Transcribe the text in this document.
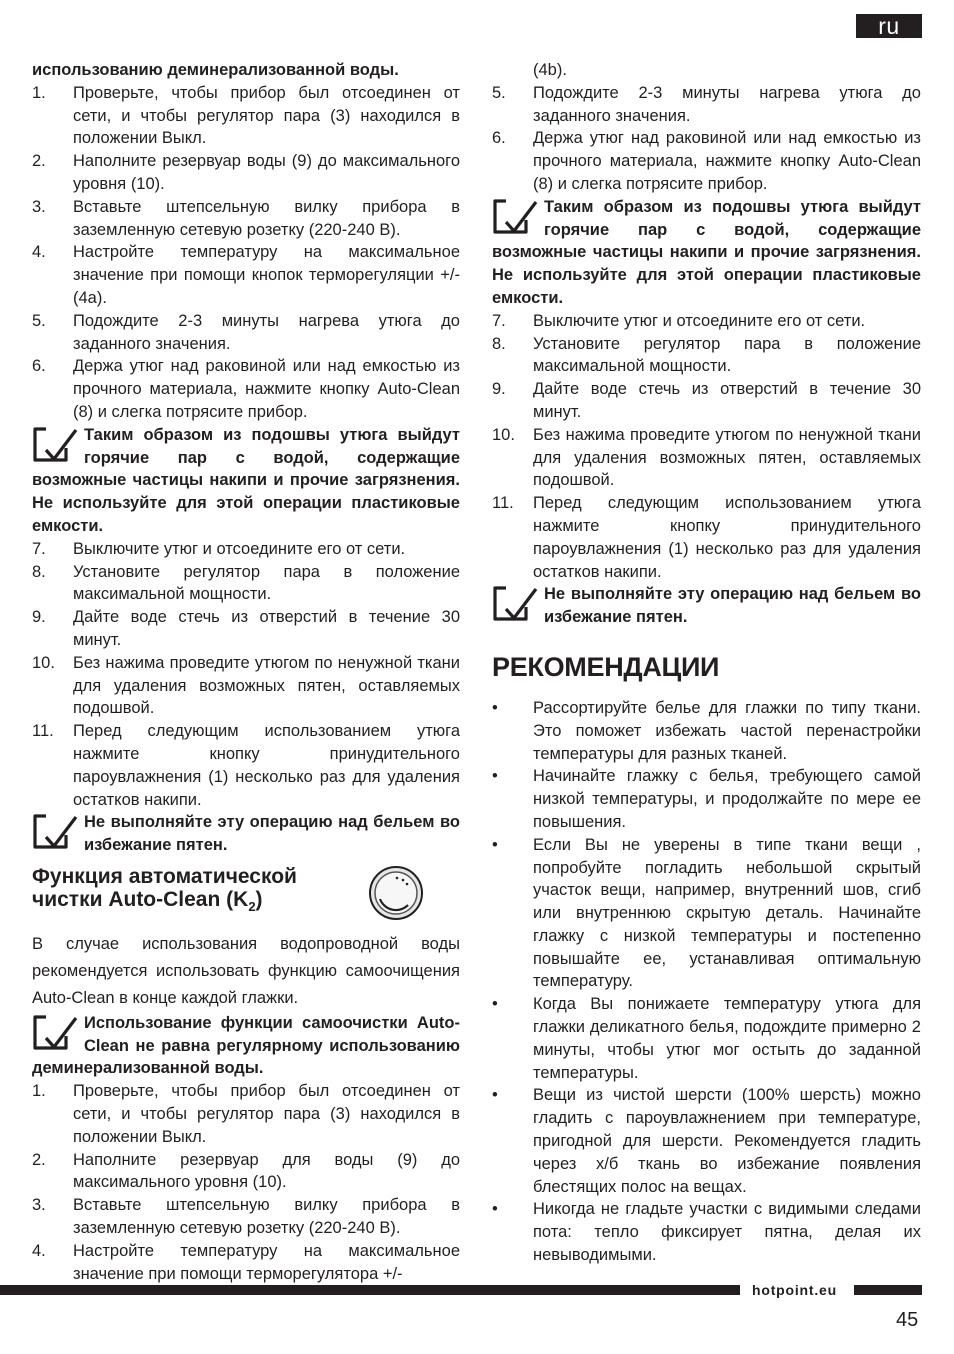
ru

использованию деминерализованной воды.

1. Проверьте, чтобы прибор был отсоединен от сети, и чтобы регулятор пара (3) находился в положении Выкл.
2. Наполните резервуар воды (9) до максимального уровня (10).
3. Вставьте штепсельную вилку прибора в заземленную сетевую розетку (220-240 В).
4. Настройте температуру на максимальное значение при помощи кнопок терморегуляции +/- (4a).
5. Подождите 2-3 минуты нагрева утюга до заданного значения.
6. Держа утюг над раковиной или над емкостью из прочного материала, нажмите кнопку Auto-Clean (8) и слегка потрясите прибор.
Таким образом из подошвы утюга выйдут горячие пар с водой, содержащие возможные частицы накипи и прочие загрязнения. Не используйте для этой операции пластиковые емкости.
7. Выключите утюг и отсоедините его от сети.
8. Установите регулятор пара в положение максимальной мощности.
9. Дайте воде стечь из отверстий в течение 30 минут.
10. Без нажима проведите утюгом по ненужной ткани для удаления возможных пятен, оставляемых подошвой.
11. Перед следующим использованием утюга нажмите кнопку принудительного пароувлажнения (1) несколько раз для удаления остатков накипи.
Не выполняйте эту операцию над бельем во избежание пятен.
Функция автоматической
чистки Auto-Clean $(K_2)$

В случае использования водопроводной воды рекомендуется использовать функцию самоочищения Auto-Clean в конце каждой глажки.

Использование функции самоочистки Auto-Clean не равна регулярному использованию деминерализованной воды.
1. Проверьте, чтобы прибор был отсоединен от сети, и чтобы регулятор пара (3) находился в положении Выкл.
2. Наполните резервуар для воды (9) до максимального уровня (10).
3. Вставьте штепсельную вилку прибора в заземленную сетевую розетку (220-240 В).
4. Настройте температуру на максимальное значение при помощи терморегулятора +/-

(4b).

5. Подождите 2-3 минуты нагрева утюга до заданного значения.
6. Держа утюг над раковиной или над емкостью из прочного материала, нажмите кнопку Auto-Clean (8) и слегка потрясите прибор.
Таким образом из подошвы утюга выйдут горячие пар с водой, содержащие возможные частицы накипи и прочие загрязнения. Не используйте для этой операции пластиковые емкости.
7. Выключите утюг и отсоедините его от сети.
8. Установите регулятор пара в положение максимальной мощности.
9. Дайте воде стечь из отверстий в течение 30 минут.
10. Без нажима проведите утюгом по ненужной ткани для удаления возможных пятен, оставляемых подошвой.
11. Перед следующим использованием утюга нажмите кнопку принудительного пароувлажнения (1) несколько раз для удаления остатков накипи.
Не выполняйте эту операцию над бельем во избежание пятен.
РЕКОМЕНДАЦИИ
• Рассортируйте белье для глажки по типу ткани. Это поможет избежать частой перенастройки температуры для разных тканей.
• Начинайте глажку с белья, требующего самой низкой температуры, и продолжайте по мере ее повышения.
• Если Вы не уверены в типе ткани вещи , попробуйте погладить небольшой скрытый участок вещи, например, внутренний шов, сгиб или внутреннюю скрытую деталь. Начинайте глажку с низкой температуры и постепенно повышайте ее, устанавливая оптимальную температуру.
• Когда Вы понижаете температуру утюга для глажки деликатного белья, подождите примерно 2 минуты, чтобы утюг мог остыть до заданной температуры.
• Вещи из чистой шерсти (100% шерсть) можно гладить с пароувлажнением при температуре, пригодной для шерсти. Рекомендуется гладить через х/б ткань во избежание появления блестящих полос на вещах.
• Никогда не гладьте участки с видимыми следами пота: тепло фиксирует пятна, делая их невыводимыми.
hotpoint.eu
45
